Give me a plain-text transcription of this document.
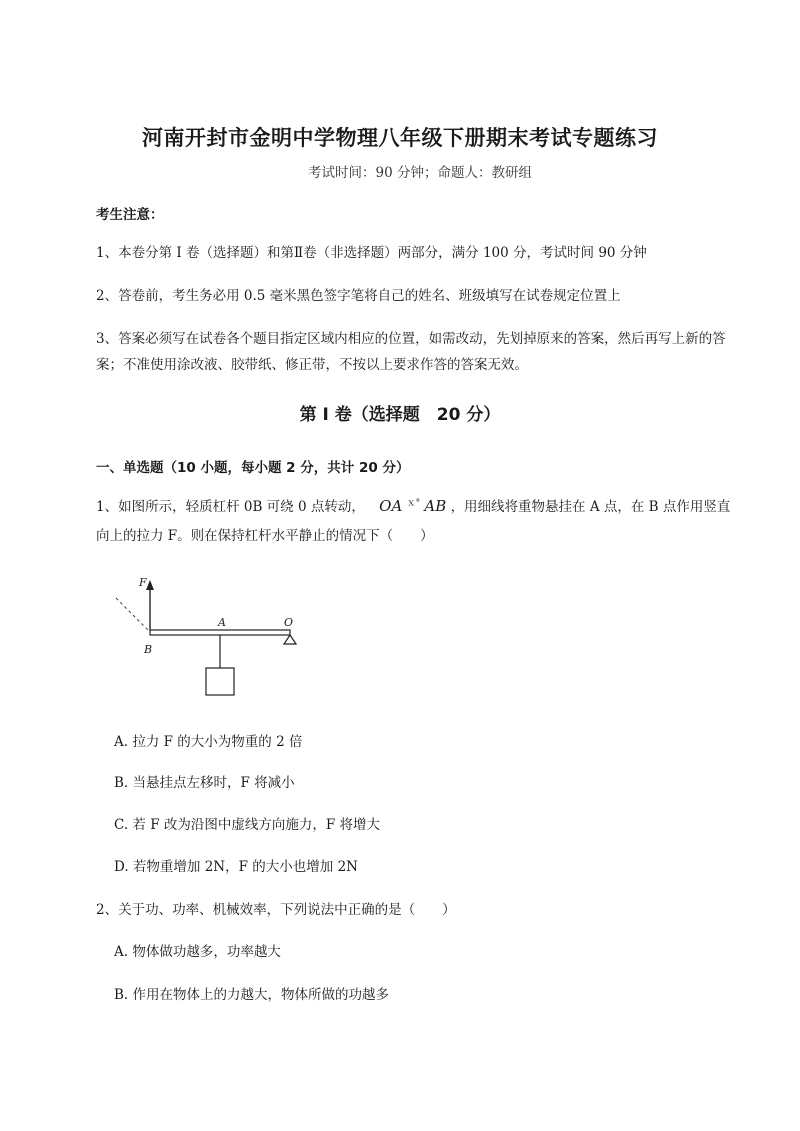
河南开封市金明中学物理八年级下册期末考试专题练习
考试时间：90 分钟；命题人：教研组
考生注意：
1、本卷分第 I 卷（选择题）和第Ⅱ卷（非选择题）两部分，满分 100 分，考试时间 90 分钟
2、答卷前，考生务必用 0.5 毫米黑色签字笔将自己的姓名、班级填写在试卷规定位置上
3、答案必须写在试卷各个题目指定区域内相应的位置，如需改动，先划掉原来的答案，然后再写上新的答案；不准使用涂改液、胶带纸、修正带，不按以上要求作答的答案无效。
第 I 卷（选择题　20 分）
一、单选题（10 小题，每小题 2 分，共计 20 分）
1、如图所示，轻质杠杆 0B 可绕 0 点转动， OA $^{x^\circ}$ AB ，用细线将重物悬挂在 A 点，在 B 点作用竖直
向上的拉力 F。则在保持杠杆水平静止的情况下（　　）
F
B
A	O
A. 拉力 F 的大小为物重的 2 倍
B. 当悬挂点左移时，F 将减小
C. 若 F 改为沿图中虚线方向施力，F 将增大
D. 若物重增加 2N，F 的大小也增加 2N
2、关于功、功率、机械效率，下列说法中正确的是（　　）
A. 物体做功越多，功率越大
B. 作用在物体上的力越大，物体所做的功越多
